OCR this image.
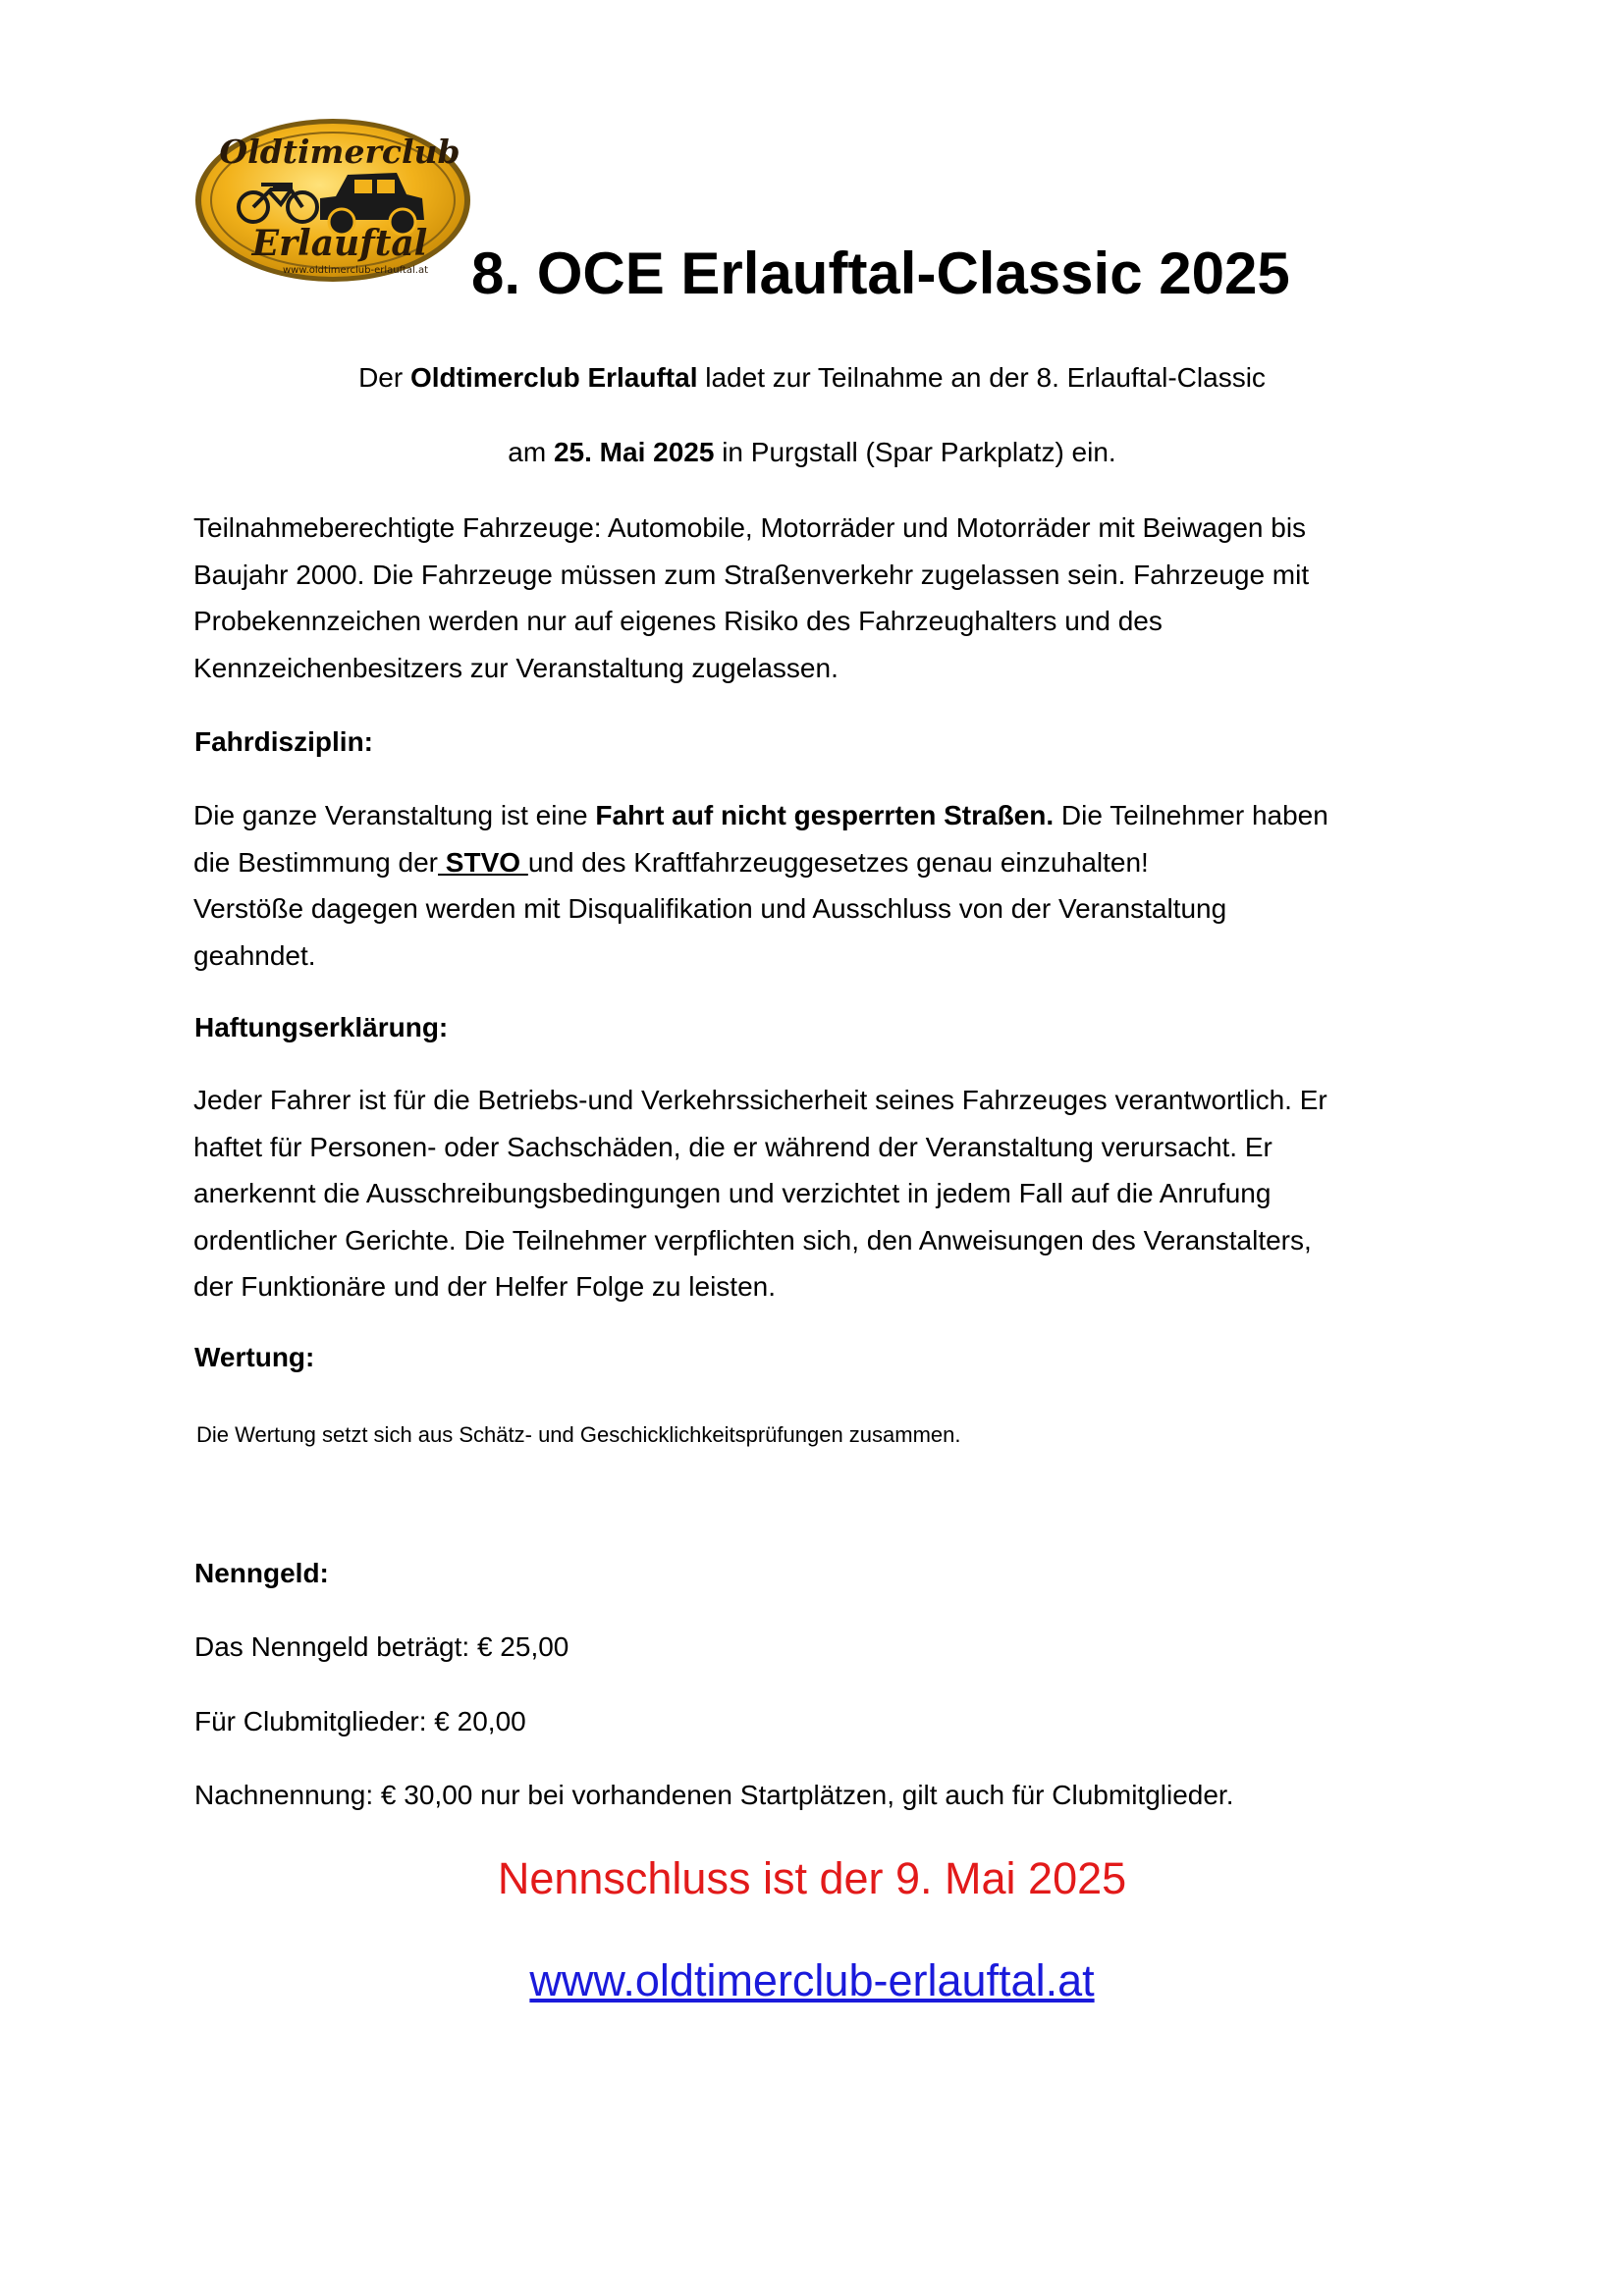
Oldtimerclub
Erlauftal
www.oldtimerclub-erlauftal.at 8. OCE Erlauftal-Classic 2025
Der Oldtimerclub Erlauftal ladet zur Teilnahme an der 8. Erlauftal-Classic
am 25. Mai 2025 in Purgstall (Spar Parkplatz) ein.

Teilnahmeberechtigte Fahrzeuge: Automobile, Motorräder und Motorräder mit Beiwagen bis

Baujahr 2000. Die Fahrzeuge müssen zum Straßenverkehr zugelassen sein. Fahrzeuge mit

Probekennzeichen werden nur auf eigenes Risiko des Fahrzeughalters und des

Kennzeichenbesitzers zur Veranstaltung zugelassen.

Fahrdisziplin:

Die ganze Veranstaltung ist eine Fahrt auf nicht gesperrten Straßen. Die Teilnehmer haben

die Bestimmung der STVO und des Kraftfahrzeuggesetzes genau einzuhalten!

Verstöße dagegen werden mit Disqualifikation und Ausschluss von der Veranstaltung

geahndet.

Haftungserklärung:

Jeder Fahrer ist für die Betriebs-und Verkehrssicherheit seines Fahrzeuges verantwortlich. Er

haftet für Personen- oder Sachschäden, die er während der Veranstaltung verursacht. Er

anerkennt die Ausschreibungsbedingungen und verzichtet in jedem Fall auf die Anrufung

ordentlicher Gerichte. Die Teilnehmer verpflichten sich, den Anweisungen des Veranstalters,

der Funktionäre und der Helfer Folge zu leisten.

Wertung:
Die Wertung setzt sich aus Schätz- und Geschicklichkeitsprüfungen zusammen.
Nenngeld:
Das Nenngeld beträgt: € 25,00
Für Clubmitglieder: € 20,00
Nachnennung: € 30,00 nur bei vorhandenen Startplätzen, gilt auch für Clubmitglieder.
Nennschluss ist der 9. Mai 2025
www.oldtimerclub-erlauftal.at
